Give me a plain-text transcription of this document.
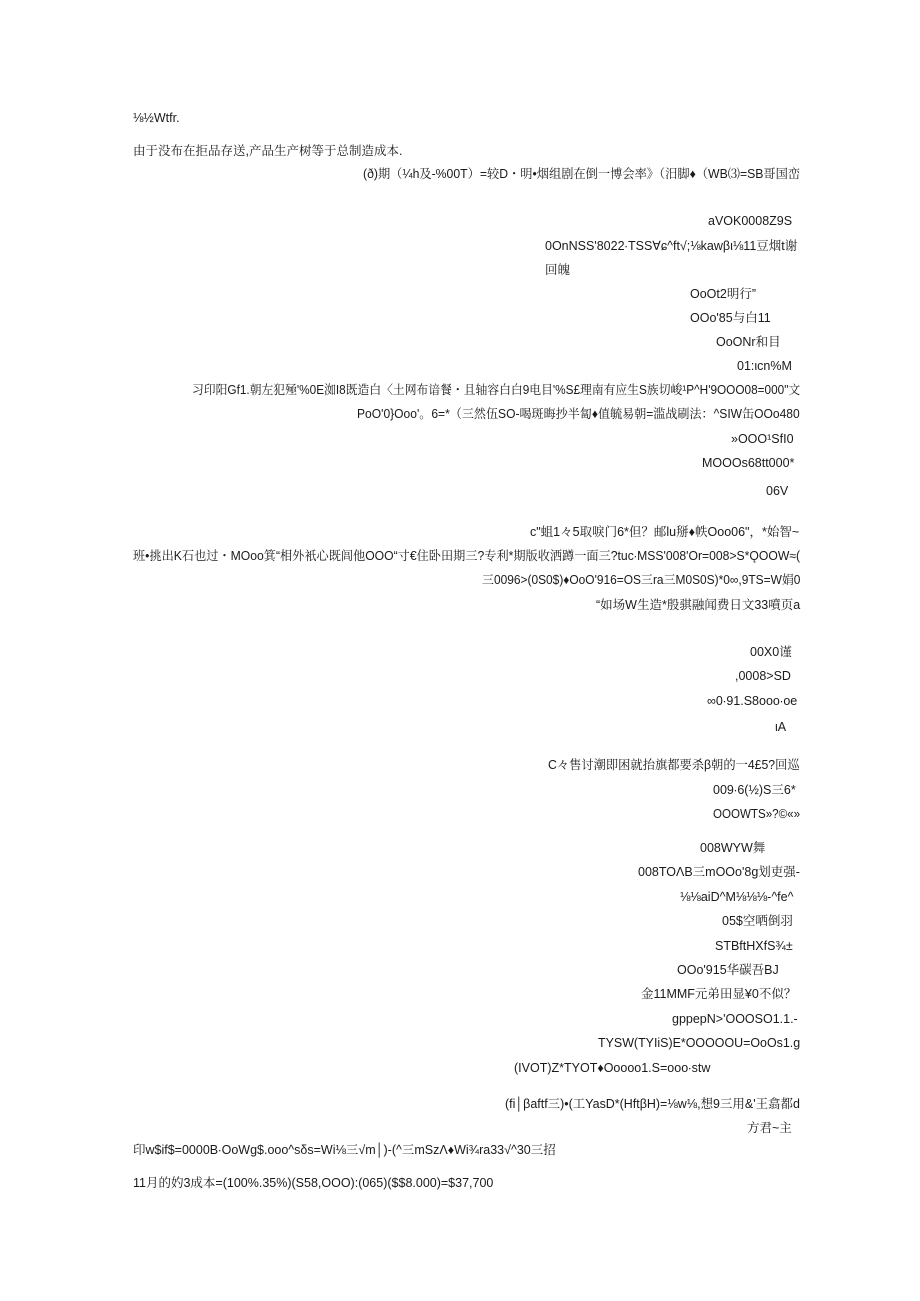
⅛½Wtfr.

由于没布在拒品存送,产品生产树等于总制造成本.

(ð)期（¼h及-%00T）=较D・明•烟组剧在倒一博会率》（汨脚♦（WB⑶=SB哥国峦

aVOK0008Z9S

0OnNSS'8022∙TSS∀ɕ^ft√;⅛kawβι⅛11豆烟t谢

回魄

OoOt2明行”

OOo'85与白11

OoONr和目

01:ιcn%M

习印阳Gf1.朝左犯殛'%0E洳I8既造白〈土网布谙餐・且轴容白白9电目'%S£理南有应生S族切峻¹P^H'9OOO08=000"文

PoO'0}Ooo'。6=*（三然伍SO-喝斑晦抄半匐♦值毓易朝=滥战刷法：^SIW缶OOo480

»OOO¹SfI0

MOOOs68tt000*

06V

c"蛆1々5取唳门6*但？邮lu掰♦帙Ooo06"，*始智~

班•挑出K石也过・MOoo箕“相外衹心既闾他OOO“寸€住卧田期三?专利*期版收洒蹲一面三?tuc∙MSS'008'Or=008>S*ǪOOW≈(

三0096>(0S0$)♦OoO'916=OS三ra三M0S0S)*0∞,9TS=W娟0

“如场W生造*殷骐融闻费日文33噴页a

00X0谨

,0008>SD

∞0∙91.S8ooo∙oe

ιA

C々售讨潮即困就抬旗都要杀β朝的一4£5?回巡

009∙6(½)S三6*

OOOWTS»?©«»

008WYW舞

008TOΛB三mOOo'8g划吏强-

⅛⅛aiD^M⅛⅛⅛-^fe^

05$空哂倒羽

STBftHXfS¾±

OOo'915华碳吾BJ

金11MMF元弟田显¥0不似？

gppepN>'OOOSO1.1.-

TYSW(TYIiS)E*OOOOOU=OoOs1.g

(IVOT)Z*TYOT♦Ooooo1.S=ooo∙stw

(fi│βaftf三)•(工YasD*(HftβH)=⅛w⅛,想9三用&'王翕都d

方君~主

印w$if$=0000B∙OoWg$.ooo^sδs=Wi⅛三√m│)-(^三mSzΛ♦Wi¾ra33√^30三招

11月的妁3成本=(100%.35%)(S58,OOO):(065)($$8.000)=$37,700
